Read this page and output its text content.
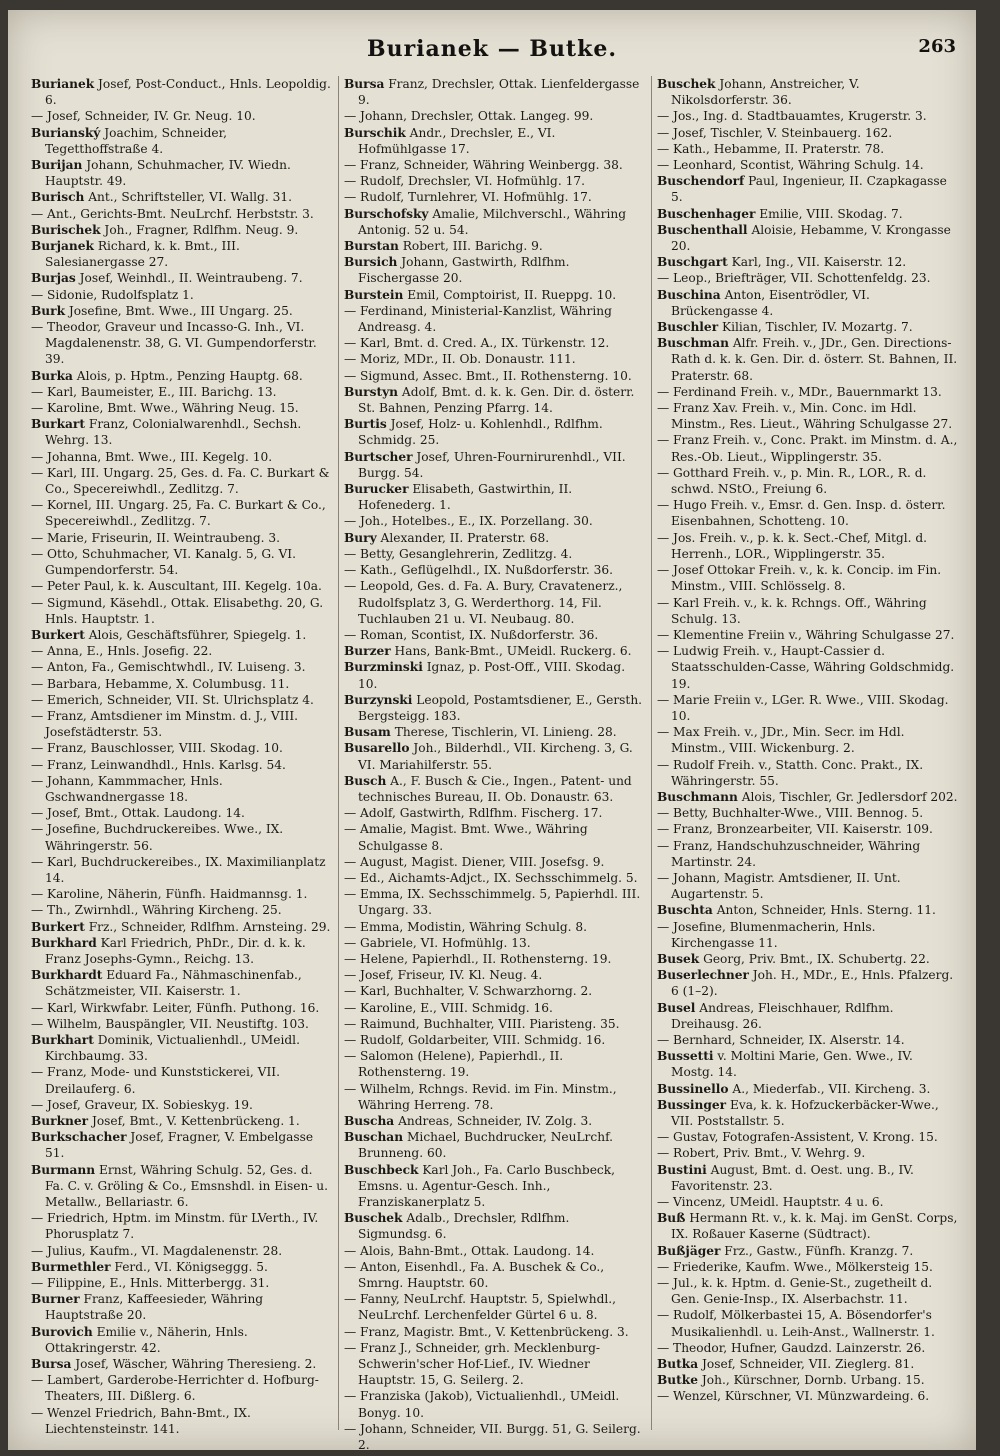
Burianek — Butke.	263

Burianek Josef, Post-Conduct., Hnls. Leopoldig. 6.

— Josef, Schneider, IV. Gr. Neug. 10.

Burianský Joachim, Schneider, Tegetthoffstraße 4.

Burijan Johann, Schuhmacher, IV. Wiedn. Hauptstr. 49.

Burisch Ant., Schriftsteller, VI. Wallg. 31.

— Ant., Gerichts-Bmt. NeuLrchf. Herbststr. 3.

Burischek Joh., Fragner, Rdlfhm. Neug. 9.

Burjanek Richard, k. k. Bmt., III. Salesianergasse 27.

Burjas Josef, Weinhdl., II. Weintraubeng. 7.

— Sidonie, Rudolfsplatz 1.

Burk Josefine, Bmt. Wwe., III Ungarg. 25.

— Theodor, Graveur und Incasso-G. Inh., VI. Magdalenenstr. 38, G. VI. Gumpendorferstr. 39.

Burka Alois, p. Hptm., Penzing Hauptg. 68.

— Karl, Baumeister, E., III. Barichg. 13.

— Karoline, Bmt. Wwe., Währing Neug. 15.

Burkart Franz, Colonialwarenhdl., Sechsh. Wehrg. 13.

— Johanna, Bmt. Wwe., III. Kegelg. 10.

— Karl, III. Ungarg. 25, Ges. d. Fa. C. Burkart & Co., Specereiwhdl., Zedlitzg. 7.

— Kornel, III. Ungarg. 25, Fa. C. Burkart & Co., Specereiwhdl., Zedlitzg. 7.

— Marie, Friseurin, II. Weintraubeng. 3.

— Otto, Schuhmacher, VI. Kanalg. 5, G. VI. Gumpendorferstr. 54.

— Peter Paul, k. k. Auscultant, III. Kegelg. 10a.

— Sigmund, Käsehdl., Ottak. Elisabethg. 20, G. Hnls. Hauptstr. 1.

Burkert Alois, Geschäftsführer, Spiegelg. 1.

— Anna, E., Hnls. Josefig. 22.

— Anton, Fa., Gemischtwhdl., IV. Luiseng. 3.

— Barbara, Hebamme, X. Columbusg. 11.

— Emerich, Schneider, VII. St. Ulrichsplatz 4.

— Franz, Amtsdiener im Minstm. d. J., VIII. Josefstädterstr. 53.

— Franz, Bauschlosser, VIII. Skodag. 10.

— Franz, Leinwandhdl., Hnls. Karlsg. 54.

— Johann, Kammmacher, Hnls. Gschwandnergasse 18.

— Josef, Bmt., Ottak. Laudong. 14.

— Josefine, Buchdruckereibes. Wwe., IX. Währingerstr. 56.

— Karl, Buchdruckereibes., IX. Maximilianplatz 14.

— Karoline, Näherin, Fünfh. Haidmannsg. 1.

— Th., Zwirnhdl., Währing Kircheng. 25.

Burkert Frz., Schneider, Rdlfhm. Arnsteing. 29.

Burkhard Karl Friedrich, PhDr., Dir. d. k. k. Franz Josephs-Gymn., Reichg. 13.

Burkhardt Eduard Fa., Nähmaschinenfab., Schätzmeister, VII. Kaiserstr. 1.

— Karl, Wirkwfabr. Leiter, Fünfh. Puthong. 16.

— Wilhelm, Bauspängler, VII. Neustiftg. 103.

Burkhart Dominik, Victualienhdl., UMeidl. Kirchbaumg. 33.

— Franz, Mode- und Kunststickerei, VII. Dreilauferg. 6.

— Josef, Graveur, IX. Sobieskyg. 19.

Burkner Josef, Bmt., V. Kettenbrückeng. 1.

Burkschacher Josef, Fragner, V. Embelgasse 51.

Burmann Ernst, Währing Schulg. 52, Ges. d. Fa. C. v. Gröling & Co., Emsnshdl. in Eisen- u. Metallw., Bellariastr. 6.

— Friedrich, Hptm. im Minstm. für LVerth., IV. Phorusplatz 7.

— Julius, Kaufm., VI. Magdalenenstr. 28.

Burmethler Ferd., VI. Königseggg. 5.

— Filippine, E., Hnls. Mitterbergg. 31.

Burner Franz, Kaffeesieder, Währing Hauptstraße 20.

Burovich Emilie v., Näherin, Hnls. Ottakringerstr. 42.

Bursa Josef, Wäscher, Währing Theresieng. 2.

— Lambert, Garderobe-Herrichter d. Hofburg-Theaters, III. Dißlerg. 6.

— Wenzel Friedrich, Bahn-Bmt., IX. Liechtensteinstr. 141.

Bursa Franz, Drechsler, Ottak. Lienfeldergasse 9.

— Johann, Drechsler, Ottak. Langeg. 99.

Burschik Andr., Drechsler, E., VI. Hofmühlgasse 17.

— Franz, Schneider, Währing Weinbergg. 38.

— Rudolf, Drechsler, VI. Hofmühlg. 17.

— Rudolf, Turnlehrer, VI. Hofmühlg. 17.

Burschofsky Amalie, Milchverschl., Währing Antonig. 52 u. 54.

Burstan Robert, III. Barichg. 9.

Bursich Johann, Gastwirth, Rdlfhm. Fischergasse 20.

Burstein Emil, Comptoirist, II. Rueppg. 10.

— Ferdinand, Ministerial-Kanzlist, Währing Andreasg. 4.

— Karl, Bmt. d. Cred. A., IX. Türkenstr. 12.

— Moriz, MDr., II. Ob. Donaustr. 111.

— Sigmund, Assec. Bmt., II. Rothensterng. 10.

Burstyn Adolf, Bmt. d. k. k. Gen. Dir. d. österr. St. Bahnen, Penzing Pfarrg. 14.

Burtis Josef, Holz- u. Kohlenhdl., Rdlfhm. Schmidg. 25.

Burtscher Josef, Uhren-Fournirurenhdl., VII. Burgg. 54.

Burucker Elisabeth, Gastwirthin, II. Hofenederg. 1.

— Joh., Hotelbes., E., IX. Porzellang. 30.

Bury Alexander, II. Praterstr. 68.

— Betty, Gesanglehrerin, Zedlitzg. 4.

— Kath., Geflügelhdl., IX. Nußdorferstr. 36.

— Leopold, Ges. d. Fa. A. Bury, Cravatenerz., Rudolfsplatz 3, G. Werderthorg. 14, Fil. Tuchlauben 21 u. VI. Neubaug. 80.

— Roman, Scontist, IX. Nußdorferstr. 36.

Burzer Hans, Bank-Bmt., UMeidl. Ruckerg. 6.

Burzminski Ignaz, p. Post-Off., VIII. Skodag. 10.

Burzynski Leopold, Postamtsdiener, E., Gersth. Bergsteigg. 183.

Busam Therese, Tischlerin, VI. Linieng. 28.

Busarello Joh., Bilderhdl., VII. Kircheng. 3, G. VI. Mariahilferstr. 55.

Busch A., F. Busch & Cie., Ingen., Patent- und technisches Bureau, II. Ob. Donaustr. 63.

— Adolf, Gastwirth, Rdlfhm. Fischerg. 17.

— Amalie, Magist. Bmt. Wwe., Währing Schulgasse 8.

— August, Magist. Diener, VIII. Josefsg. 9.

— Ed., Aichamts-Adjct., IX. Sechsschimmelg. 5.

— Emma, IX. Sechsschimmelg. 5, Papierhdl. III. Ungarg. 33.

— Emma, Modistin, Währing Schulg. 8.

— Gabriele, VI. Hofmühlg. 13.

— Helene, Papierhdl., II. Rothensterng. 19.

— Josef, Friseur, IV. Kl. Neug. 4.

— Karl, Buchhalter, V. Schwarzhorng. 2.

— Karoline, E., VIII. Schmidg. 16.

— Raimund, Buchhalter, VIII. Piaristeng. 35.

— Rudolf, Goldarbeiter, VIII. Schmidg. 16.

— Salomon (Helene), Papierhdl., II. Rothensterng. 19.

— Wilhelm, Rchngs. Revid. im Fin. Minstm., Währing Herreng. 78.

Buscha Andreas, Schneider, IV. Zolg. 3.

Buschan Michael, Buchdrucker, NeuLrchf. Brunneng. 60.

Buschbeck Karl Joh., Fa. Carlo Buschbeck, Emsns. u. Agentur-Gesch. Inh., Franziskanerplatz 5.

Buschek Adalb., Drechsler, Rdlfhm. Sigmundsg. 6.

— Alois, Bahn-Bmt., Ottak. Laudong. 14.

— Anton, Eisenhdl., Fa. A. Buschek & Co., Smrng. Hauptstr. 60.

— Fanny, NeuLrchf. Hauptstr. 5, Spielwhdl., NeuLrchf. Lerchenfelder Gürtel 6 u. 8.

— Franz, Magistr. Bmt., V. Kettenbrückeng. 3.

— Franz J., Schneider, grh. Mecklenburg-Schwerin'scher Hof-Lief., IV. Wiedner Hauptstr. 15, G. Seilerg. 2.

— Franziska (Jakob), Victualienhdl., UMeidl. Bonyg. 10.

— Johann, Schneider, VII. Burgg. 51, G. Seilerg. 2.

Buschek Johann, Anstreicher, V. Nikolsdorferstr. 36.

— Jos., Ing. d. Stadtbauamtes, Krugerstr. 3.

— Josef, Tischler, V. Steinbauerg. 162.

— Kath., Hebamme, II. Praterstr. 78.

— Leonhard, Scontist, Währing Schulg. 14.

Buschendorf Paul, Ingenieur, II. Czapkagasse 5.

Buschenhager Emilie, VIII. Skodag. 7.

Buschenthall Aloisie, Hebamme, V. Krongasse 20.

Buschgart Karl, Ing., VII. Kaiserstr. 12.

— Leop., Briefträger, VII. Schottenfeldg. 23.

Buschina Anton, Eisentrödler, VI. Brückengasse 4.

Buschler Kilian, Tischler, IV. Mozartg. 7.

Buschman Alfr. Freih. v., JDr., Gen. Directions-Rath d. k. k. Gen. Dir. d. österr. St. Bahnen, II. Praterstr. 68.

— Ferdinand Freih. v., MDr., Bauernmarkt 13.

— Franz Xav. Freih. v., Min. Conc. im Hdl. Minstm., Res. Lieut., Währing Schulgasse 27.

— Franz Freih. v., Conc. Prakt. im Minstm. d. A., Res.-Ob. Lieut., Wipplingerstr. 35.

— Gotthard Freih. v., p. Min. R., LOR., R. d. schwd. NStO., Freiung 6.

— Hugo Freih. v., Emsr. d. Gen. Insp. d. österr. Eisenbahnen, Schotteng. 10.

— Jos. Freih. v., p. k. k. Sect.-Chef, Mitgl. d. Herrenh., LOR., Wipplingerstr. 35.

— Josef Ottokar Freih. v., k. k. Concip. im Fin. Minstm., VIII. Schlösselg. 8.

— Karl Freih. v., k. k. Rchngs. Off., Währing Schulg. 13.

— Klementine Freiin v., Währing Schulgasse 27.

— Ludwig Freih. v., Haupt-Cassier d. Staatsschulden-Casse, Währing Goldschmidg. 19.

— Marie Freiin v., LGer. R. Wwe., VIII. Skodag. 10.

— Max Freih. v., JDr., Min. Secr. im Hdl. Minstm., VIII. Wickenburg. 2.

— Rudolf Freih. v., Statth. Conc. Prakt., IX. Währingerstr. 55.

Buschmann Alois, Tischler, Gr. Jedlersdorf 202.

— Betty, Buchhalter-Wwe., VIII. Bennog. 5.

— Franz, Bronzearbeiter, VII. Kaiserstr. 109.

— Franz, Handschuhzuschneider, Währing Martinstr. 24.

— Johann, Magistr. Amtsdiener, II. Unt. Augartenstr. 5.

Buschta Anton, Schneider, Hnls. Sterng. 11.

— Josefine, Blumenmacherin, Hnls. Kirchengasse 11.

Busek Georg, Priv. Bmt., IX. Schubertg. 22.

Buserlechner Joh. H., MDr., E., Hnls. Pfalzerg. 6 (1–2).

Busel Andreas, Fleischhauer, Rdlfhm. Dreihausg. 26.

— Bernhard, Schneider, IX. Alserstr. 14.

Bussetti v. Moltini Marie, Gen. Wwe., IV. Mostg. 14.

Bussinello A., Miederfab., VII. Kircheng. 3.

Bussinger Eva, k. k. Hofzuckerbäcker-Wwe., VII. Poststallstr. 5.

— Gustav, Fotografen-Assistent, V. Krong. 15.

— Robert, Priv. Bmt., V. Wehrg. 9.

Bustini August, Bmt. d. Oest. ung. B., IV. Favoritenstr. 23.

— Vincenz, UMeidl. Hauptstr. 4 u. 6.

Buß Hermann Rt. v., k. k. Maj. im GenSt. Corps, IX. Roßauer Kaserne (Südtract).

Bußjäger Frz., Gastw., Fünfh. Kranzg. 7.

— Friederike, Kaufm. Wwe., Mölkersteig 15.

— Jul., k. k. Hptm. d. Genie-St., zugetheilt d. Gen. Genie-Insp., IX. Alserbachstr. 11.

— Rudolf, Mölkerbastei 15, A. Bösendorfer's Musikalienhdl. u. Leih-Anst., Wallnerstr. 1.

— Theodor, Hufner, Gaudzd. Lainzerstr. 26.

Butka Josef, Schneider, VII. Zieglerg. 81.

Butke Joh., Kürschner, Dornb. Urbang. 15.

— Wenzel, Kürschner, VI. Münzwardeing. 6.
